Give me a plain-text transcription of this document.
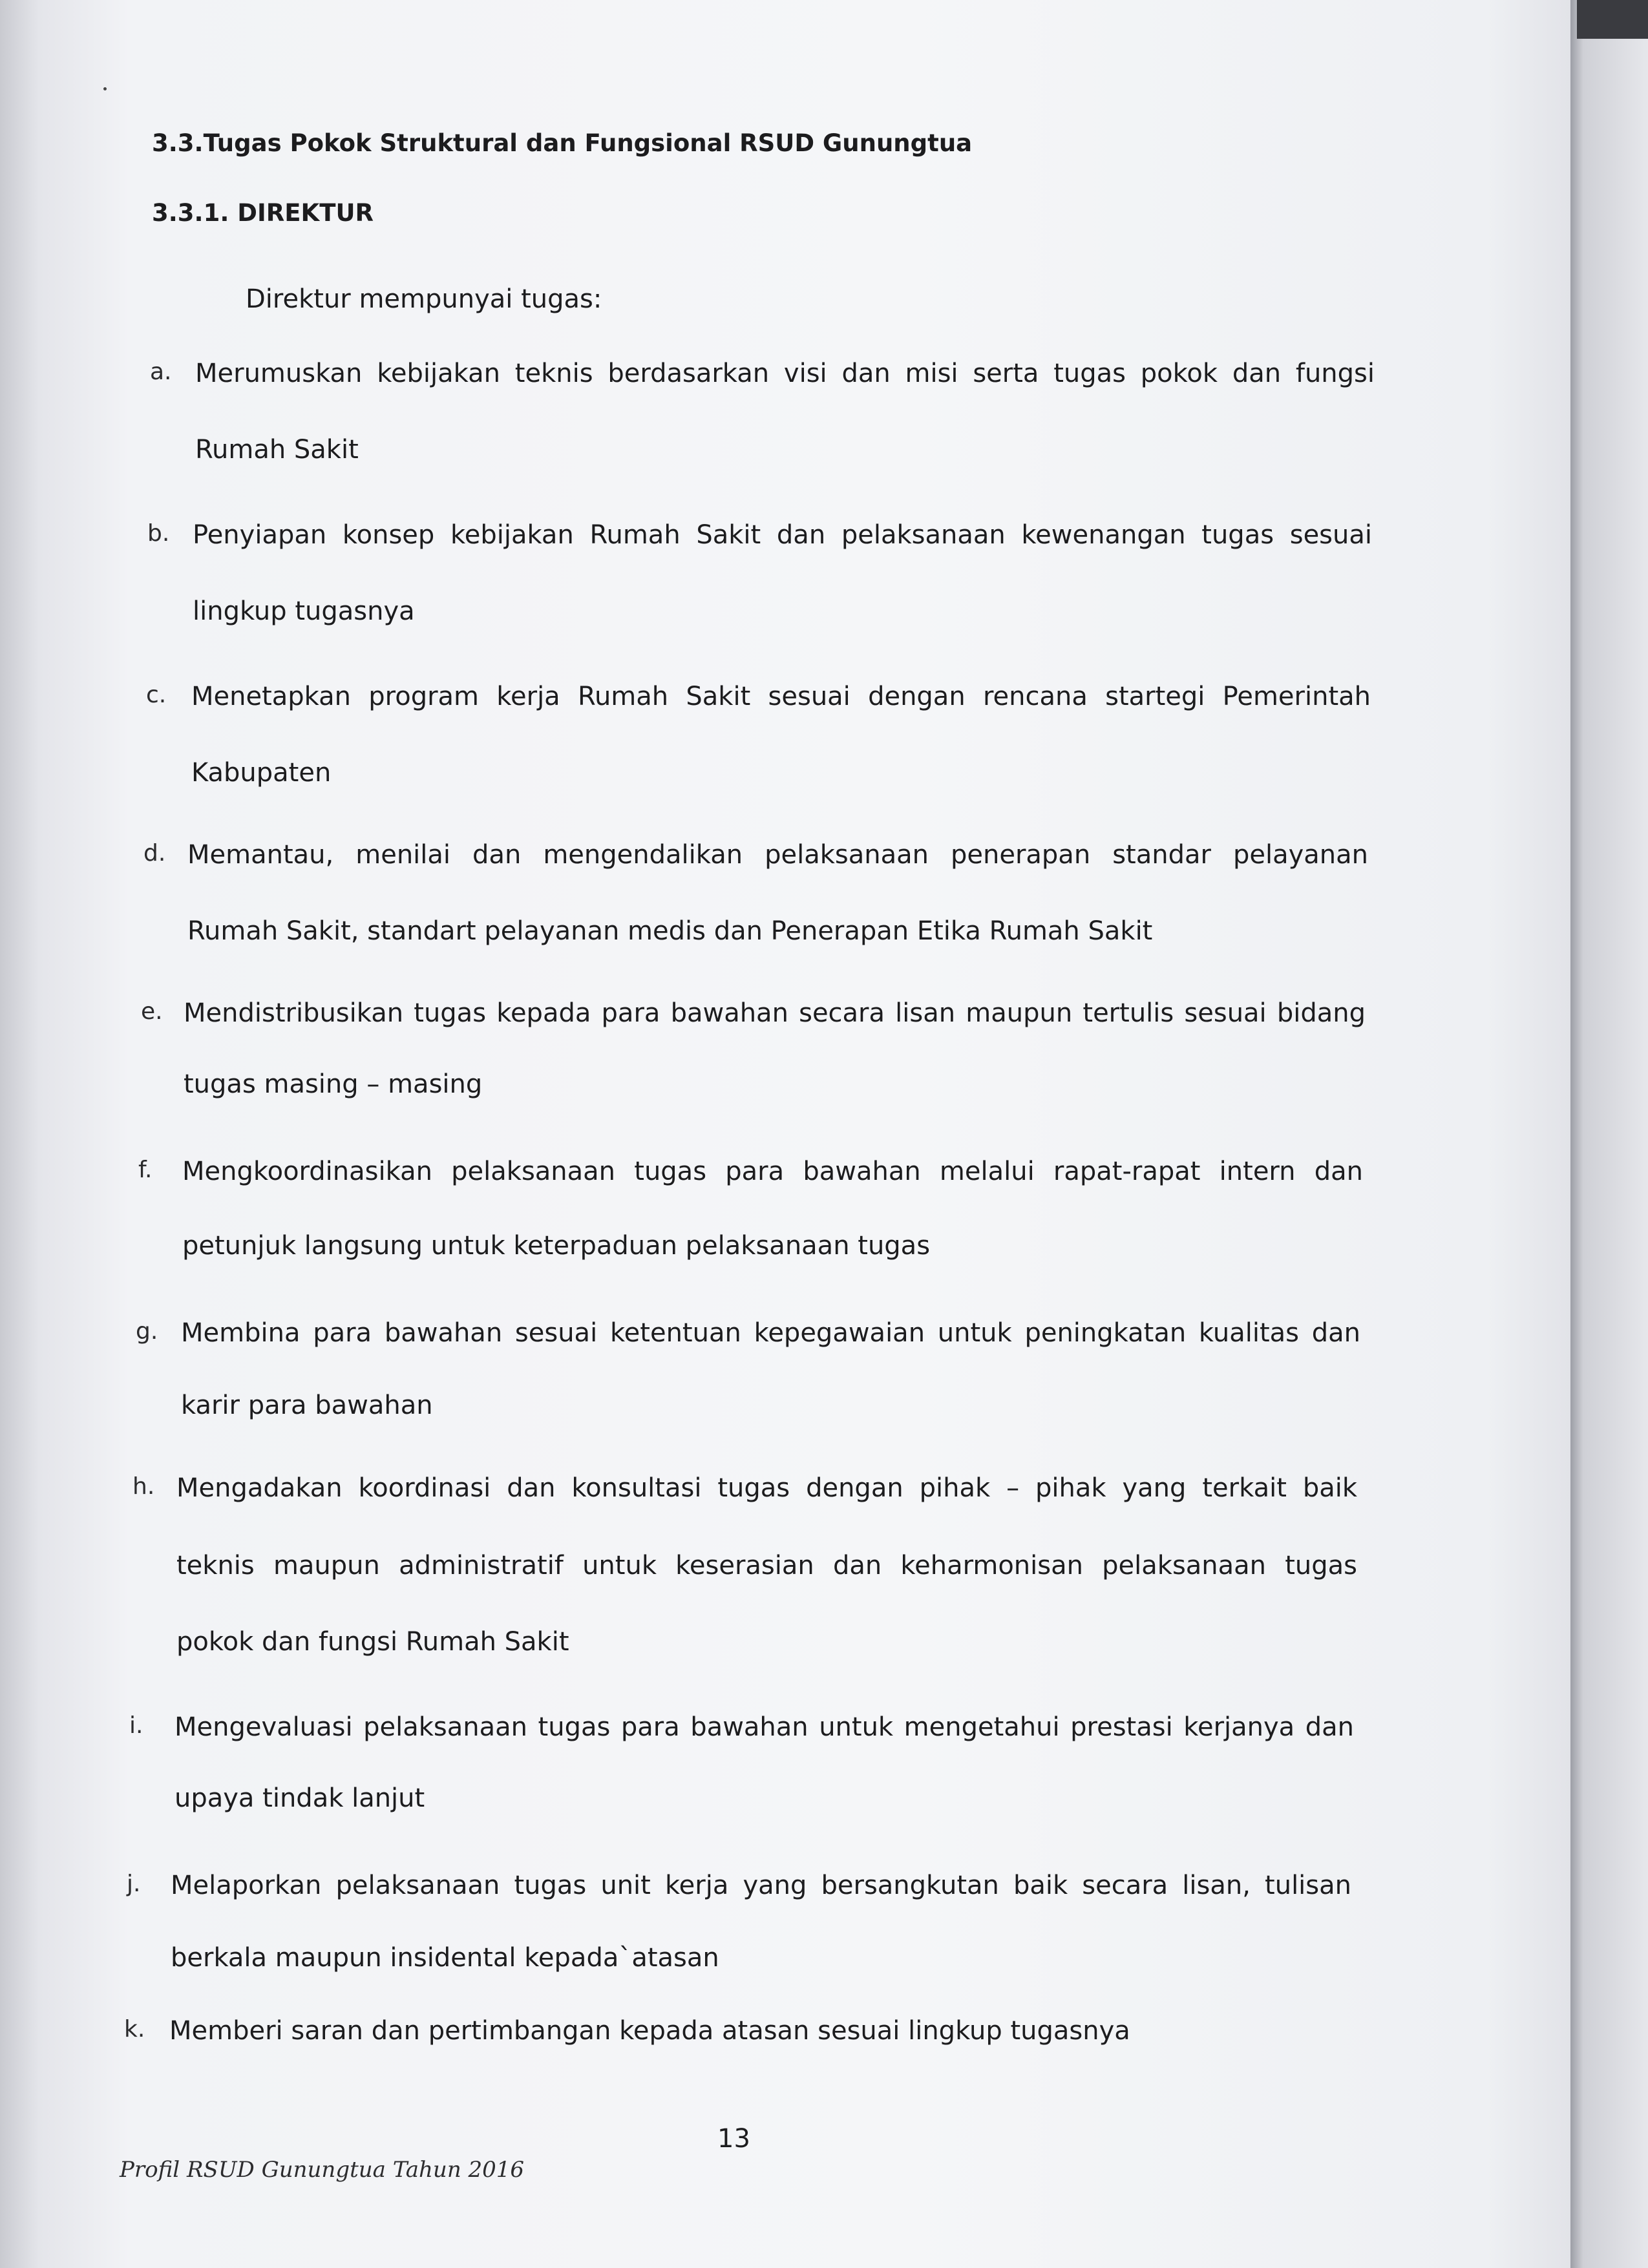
3.3.Tugas Pokok Struktural dan Fungsional RSUD Gunungtua
3.3.1. DIREKTUR
Direktur mempunyai tugas:
a. Merumuskan kebijakan teknis berdasarkan visi dan misi serta tugas pokok dan fungsi
Rumah Sakit
b. Penyiapan konsep kebijakan Rumah Sakit dan pelaksanaan kewenangan tugas sesuai
lingkup tugasnya
c. Menetapkan program kerja Rumah Sakit sesuai dengan rencana startegi Pemerintah
Kabupaten
d. Memantau, menilai dan mengendalikan pelaksanaan penerapan standar pelayanan
Rumah Sakit, standart pelayanan medis dan Penerapan Etika Rumah Sakit
e. Mendistribusikan tugas kepada para bawahan secara lisan maupun tertulis sesuai bidang
tugas masing – masing
f. Mengkoordinasikan pelaksanaan tugas para bawahan melalui rapat-rapat intern dan
petunjuk langsung untuk keterpaduan pelaksanaan tugas
g. Membina para bawahan sesuai ketentuan kepegawaian untuk peningkatan kualitas dan
karir para bawahan
h. Mengadakan koordinasi dan konsultasi tugas dengan pihak – pihak yang terkait baik
teknis maupun administratif untuk keserasian dan keharmonisan pelaksanaan tugas
pokok dan fungsi Rumah Sakit
i. Mengevaluasi pelaksanaan tugas para bawahan untuk mengetahui prestasi kerjanya dan
upaya tindak lanjut
j. Melaporkan pelaksanaan tugas unit kerja yang bersangkutan baik secara lisan, tulisan
berkala maupun insidental kepada`atasan
k. Memberi saran dan pertimbangan kepada atasan sesuai lingkup tugasnya
13
Profil RSUD Gunungtua Tahun 2016
